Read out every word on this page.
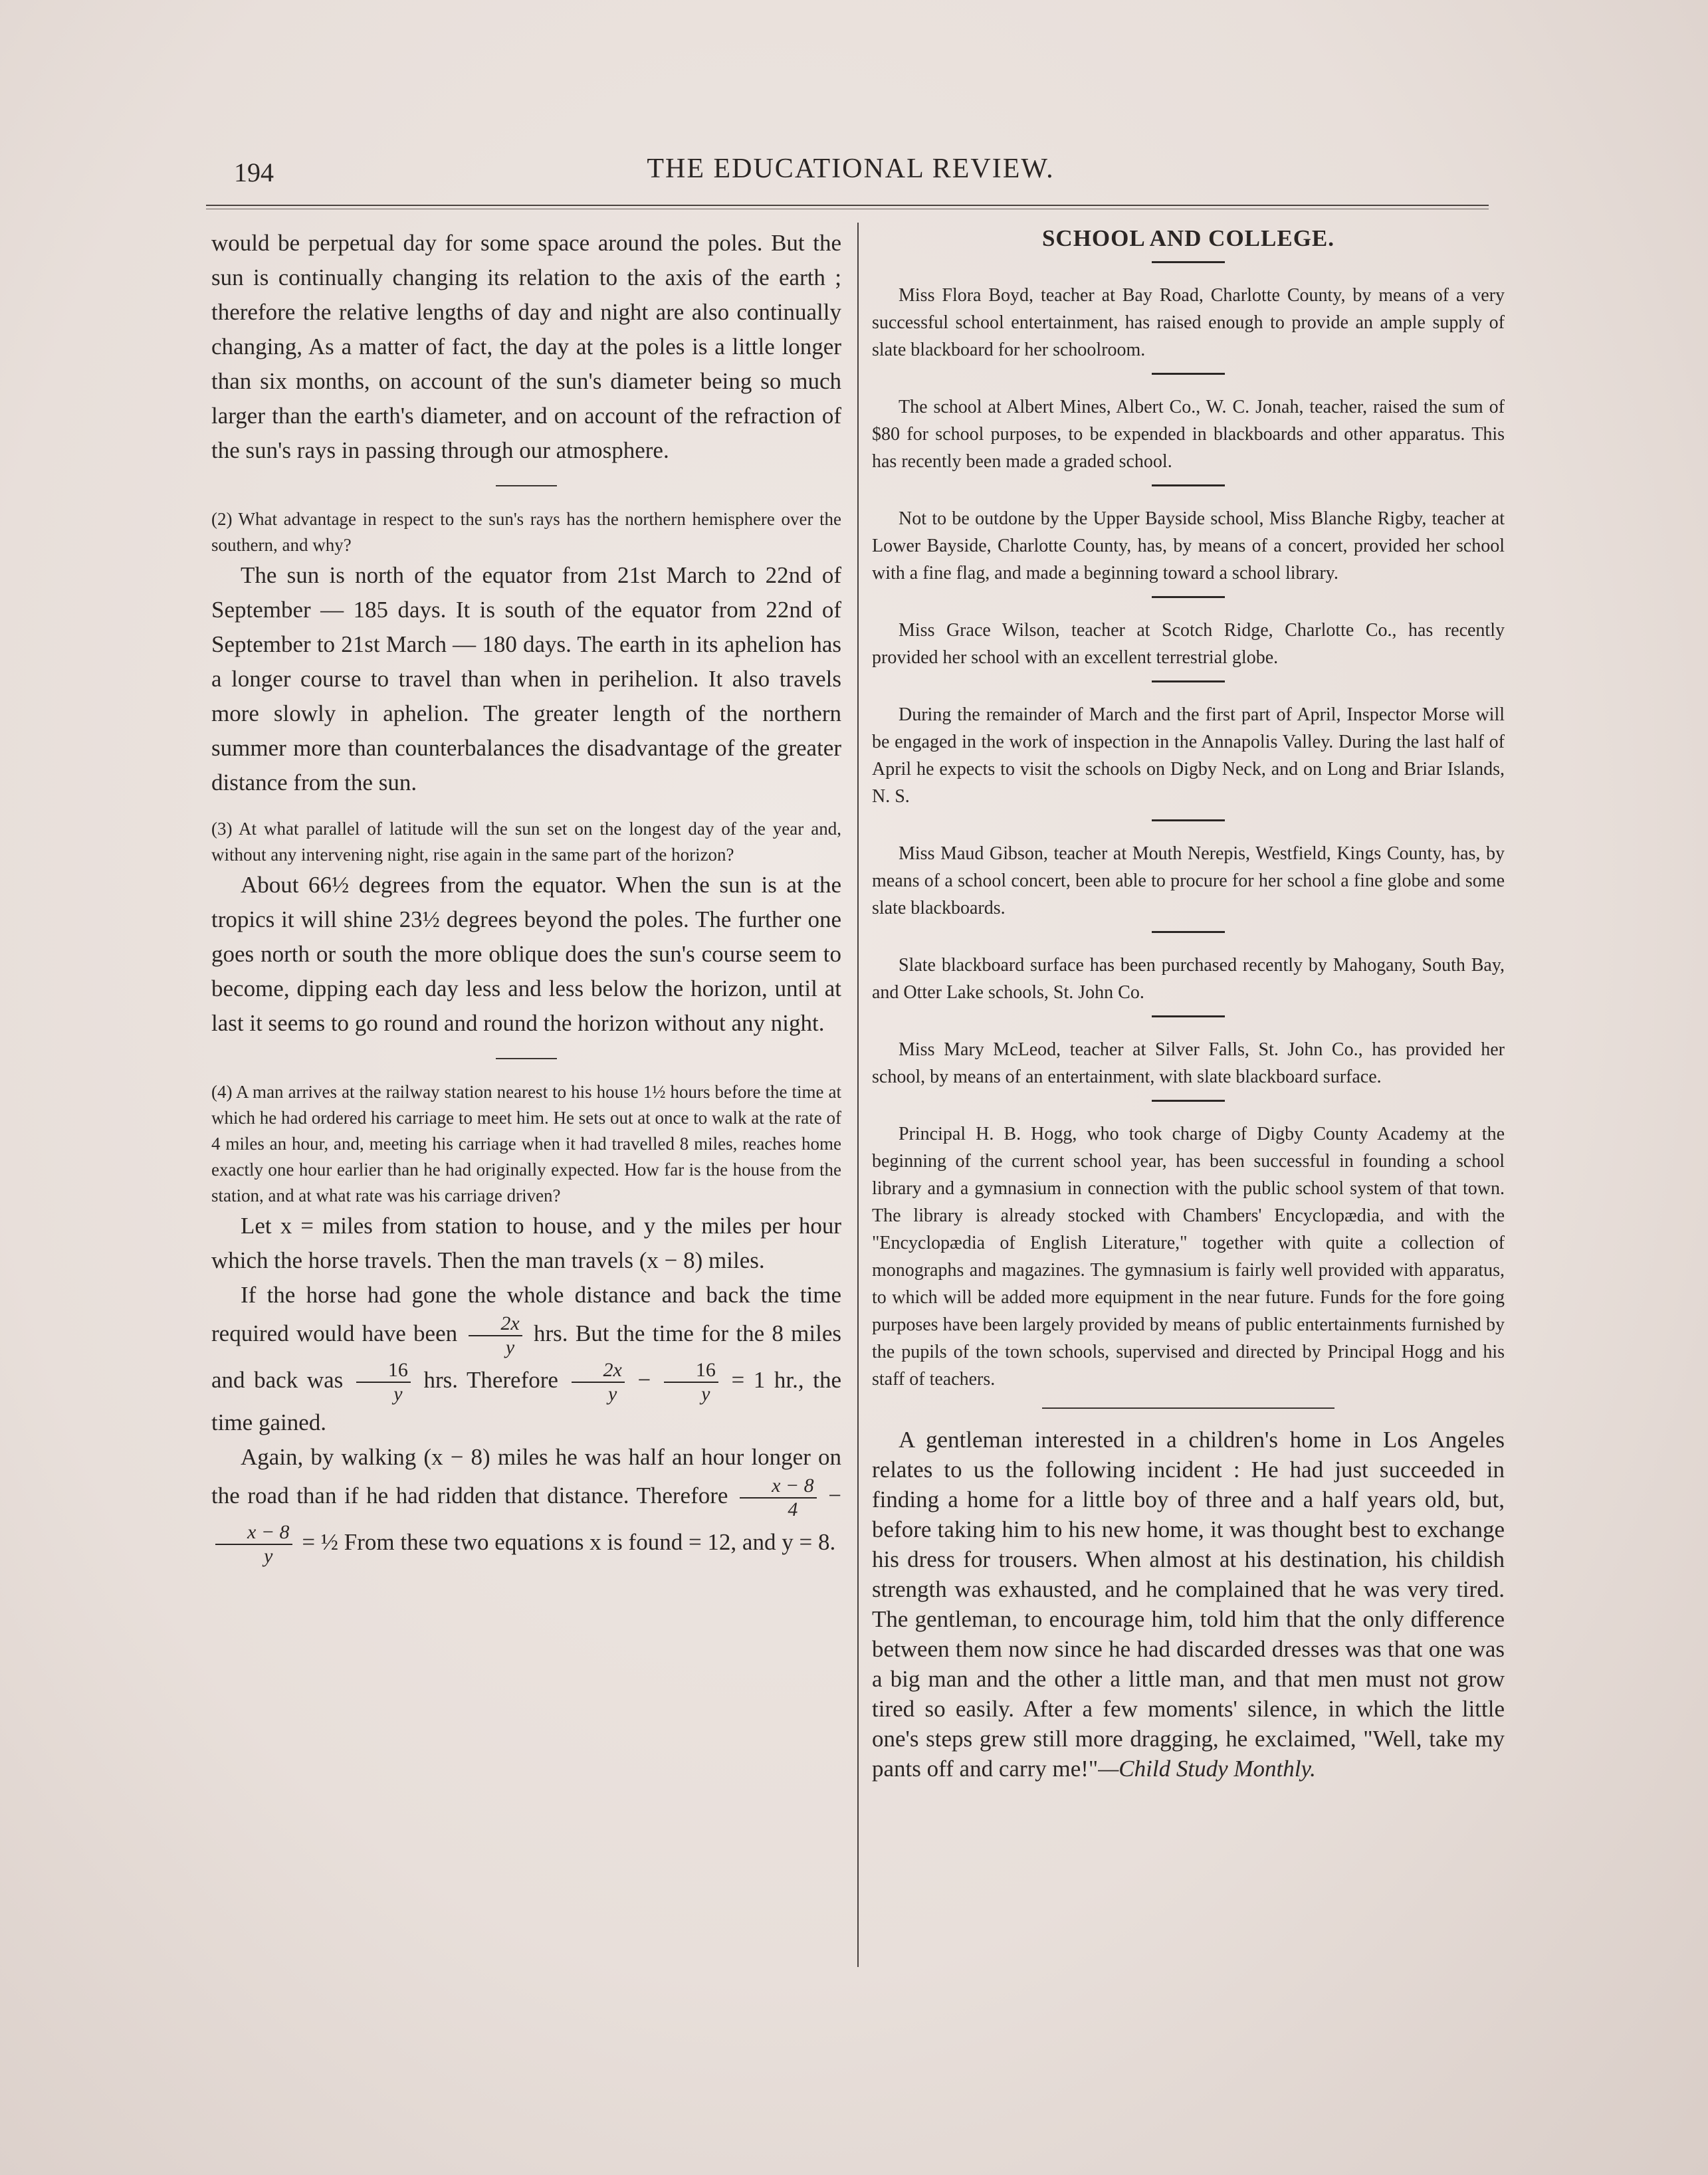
194	THE EDUCATIONAL REVIEW.

would be perpetual day for some space around the poles. But the sun is continually changing its relation to the axis of the earth ; therefore the relative lengths of day and night are also continually changing, As a matter of fact, the day at the poles is a little longer than six months, on account of the sun's diameter being so much larger than the earth's diameter, and on account of the refraction of the sun's rays in passing through our atmosphere.

(2) What advantage in respect to the sun's rays has the northern hemisphere over the southern, and why?

The sun is north of the equator from 21st March to 22nd of September — 185 days. It is south of the equator from 22nd of September to 21st March — 180 days. The earth in its aphelion has a longer course to travel than when in perihelion. It also travels more slowly in aphelion. The greater length of the northern summer more than counterbalances the disadvantage of the greater distance from the sun.

(3) At what parallel of latitude will the sun set on the longest day of the year and, without any intervening night, rise again in the same part of the horizon?

About 66½ degrees from the equator. When the sun is at the tropics it will shine 23½ degrees beyond the poles. The further one goes north or south the more oblique does the sun's course seem to become, dipping each day less and less below the horizon, until at last it seems to go round and round the horizon without any night.

(4) A man arrives at the railway station nearest to his house 1½ hours before the time at which he had ordered his carriage to meet him. He sets out at once to walk at the rate of 4 miles an hour, and, meeting his carriage when it had travelled 8 miles, reaches home exactly one hour earlier than he had originally expected. How far is the house from the station, and at what rate was his carriage driven?

Let x = miles from station to house, and y the miles per hour which the horse travels. Then the man travels (x − 8) miles.

If the horse had gone the whole distance and back the time required would have been $\frac{2x}{y}$ hrs. But the time for the 8 miles and back was $\frac{16}{y}$ hrs. Therefore $\frac{2x}{y} - \frac{16}{y} = 1$ hr., the time gained.

Again, by walking (x − 8) miles he was half an hour longer on the road than if he had ridden that distance. Therefore $\frac{x - 8}{4}$ −
$\frac{x - 8}{y}$ = ½ From these two equations x is found = 12, and y = 8.

SCHOOL AND COLLEGE.

Miss Flora Boyd, teacher at Bay Road, Charlotte County, by means of a very successful school entertainment, has raised enough to provide an ample supply of slate blackboard for her schoolroom.

The school at Albert Mines, Albert Co., W. C. Jonah, teacher, raised the sum of $80 for school purposes, to be expended in blackboards and other apparatus. This has recently been made a graded school.

Not to be outdone by the Upper Bayside school, Miss Blanche Rigby, teacher at Lower Bayside, Charlotte County, has, by means of a concert, provided her school with a fine flag, and made a beginning toward a school library.

Miss Grace Wilson, teacher at Scotch Ridge, Charlotte Co., has recently provided her school with an excellent terrestrial globe.

During the remainder of March and the first part of April, Inspector Morse will be engaged in the work of inspection in the Annapolis Valley. During the last half of April he expects to visit the schools on Digby Neck, and on Long and Briar Islands, N. S.

Miss Maud Gibson, teacher at Mouth Nerepis, Westfield, Kings County, has, by means of a school concert, been able to procure for her school a fine globe and some slate blackboards.

Slate blackboard surface has been purchased recently by Mahogany, South Bay, and Otter Lake schools, St. John Co.

Miss Mary McLeod, teacher at Silver Falls, St. John Co., has provided her school, by means of an entertainment, with slate blackboard surface.

Principal H. B. Hogg, who took charge of Digby County Academy at the beginning of the current school year, has been successful in founding a school library and a gymnasium in connection with the public school system of that town. The library is already stocked with Chambers' Encyclopædia, and with the "Encyclopædia of English Literature," together with quite a collection of monographs and magazines. The gymnasium is fairly well provided with apparatus, to which will be added more equipment in the near future. Funds for the fore going purposes have been largely provided by means of public entertainments furnished by the pupils of the town schools, supervised and directed by Principal Hogg and his staff of teachers.

A gentleman interested in a children's home in Los Angeles relates to us the following incident : He had just succeeded in finding a home for a little boy of three and a half years old, but, before taking him to his new home, it was thought best to exchange his dress for trousers. When almost at his destination, his childish strength was exhausted, and he complained that he was very tired. The gentleman, to encourage him, told him that the only difference between them now since he had discarded dresses was that one was a big man and the other a little man, and that men must not grow tired so easily. After a few moments' silence, in which the little one's steps grew still more dragging, he exclaimed, "Well, take my pants off and carry me!"—Child Study Monthly.
